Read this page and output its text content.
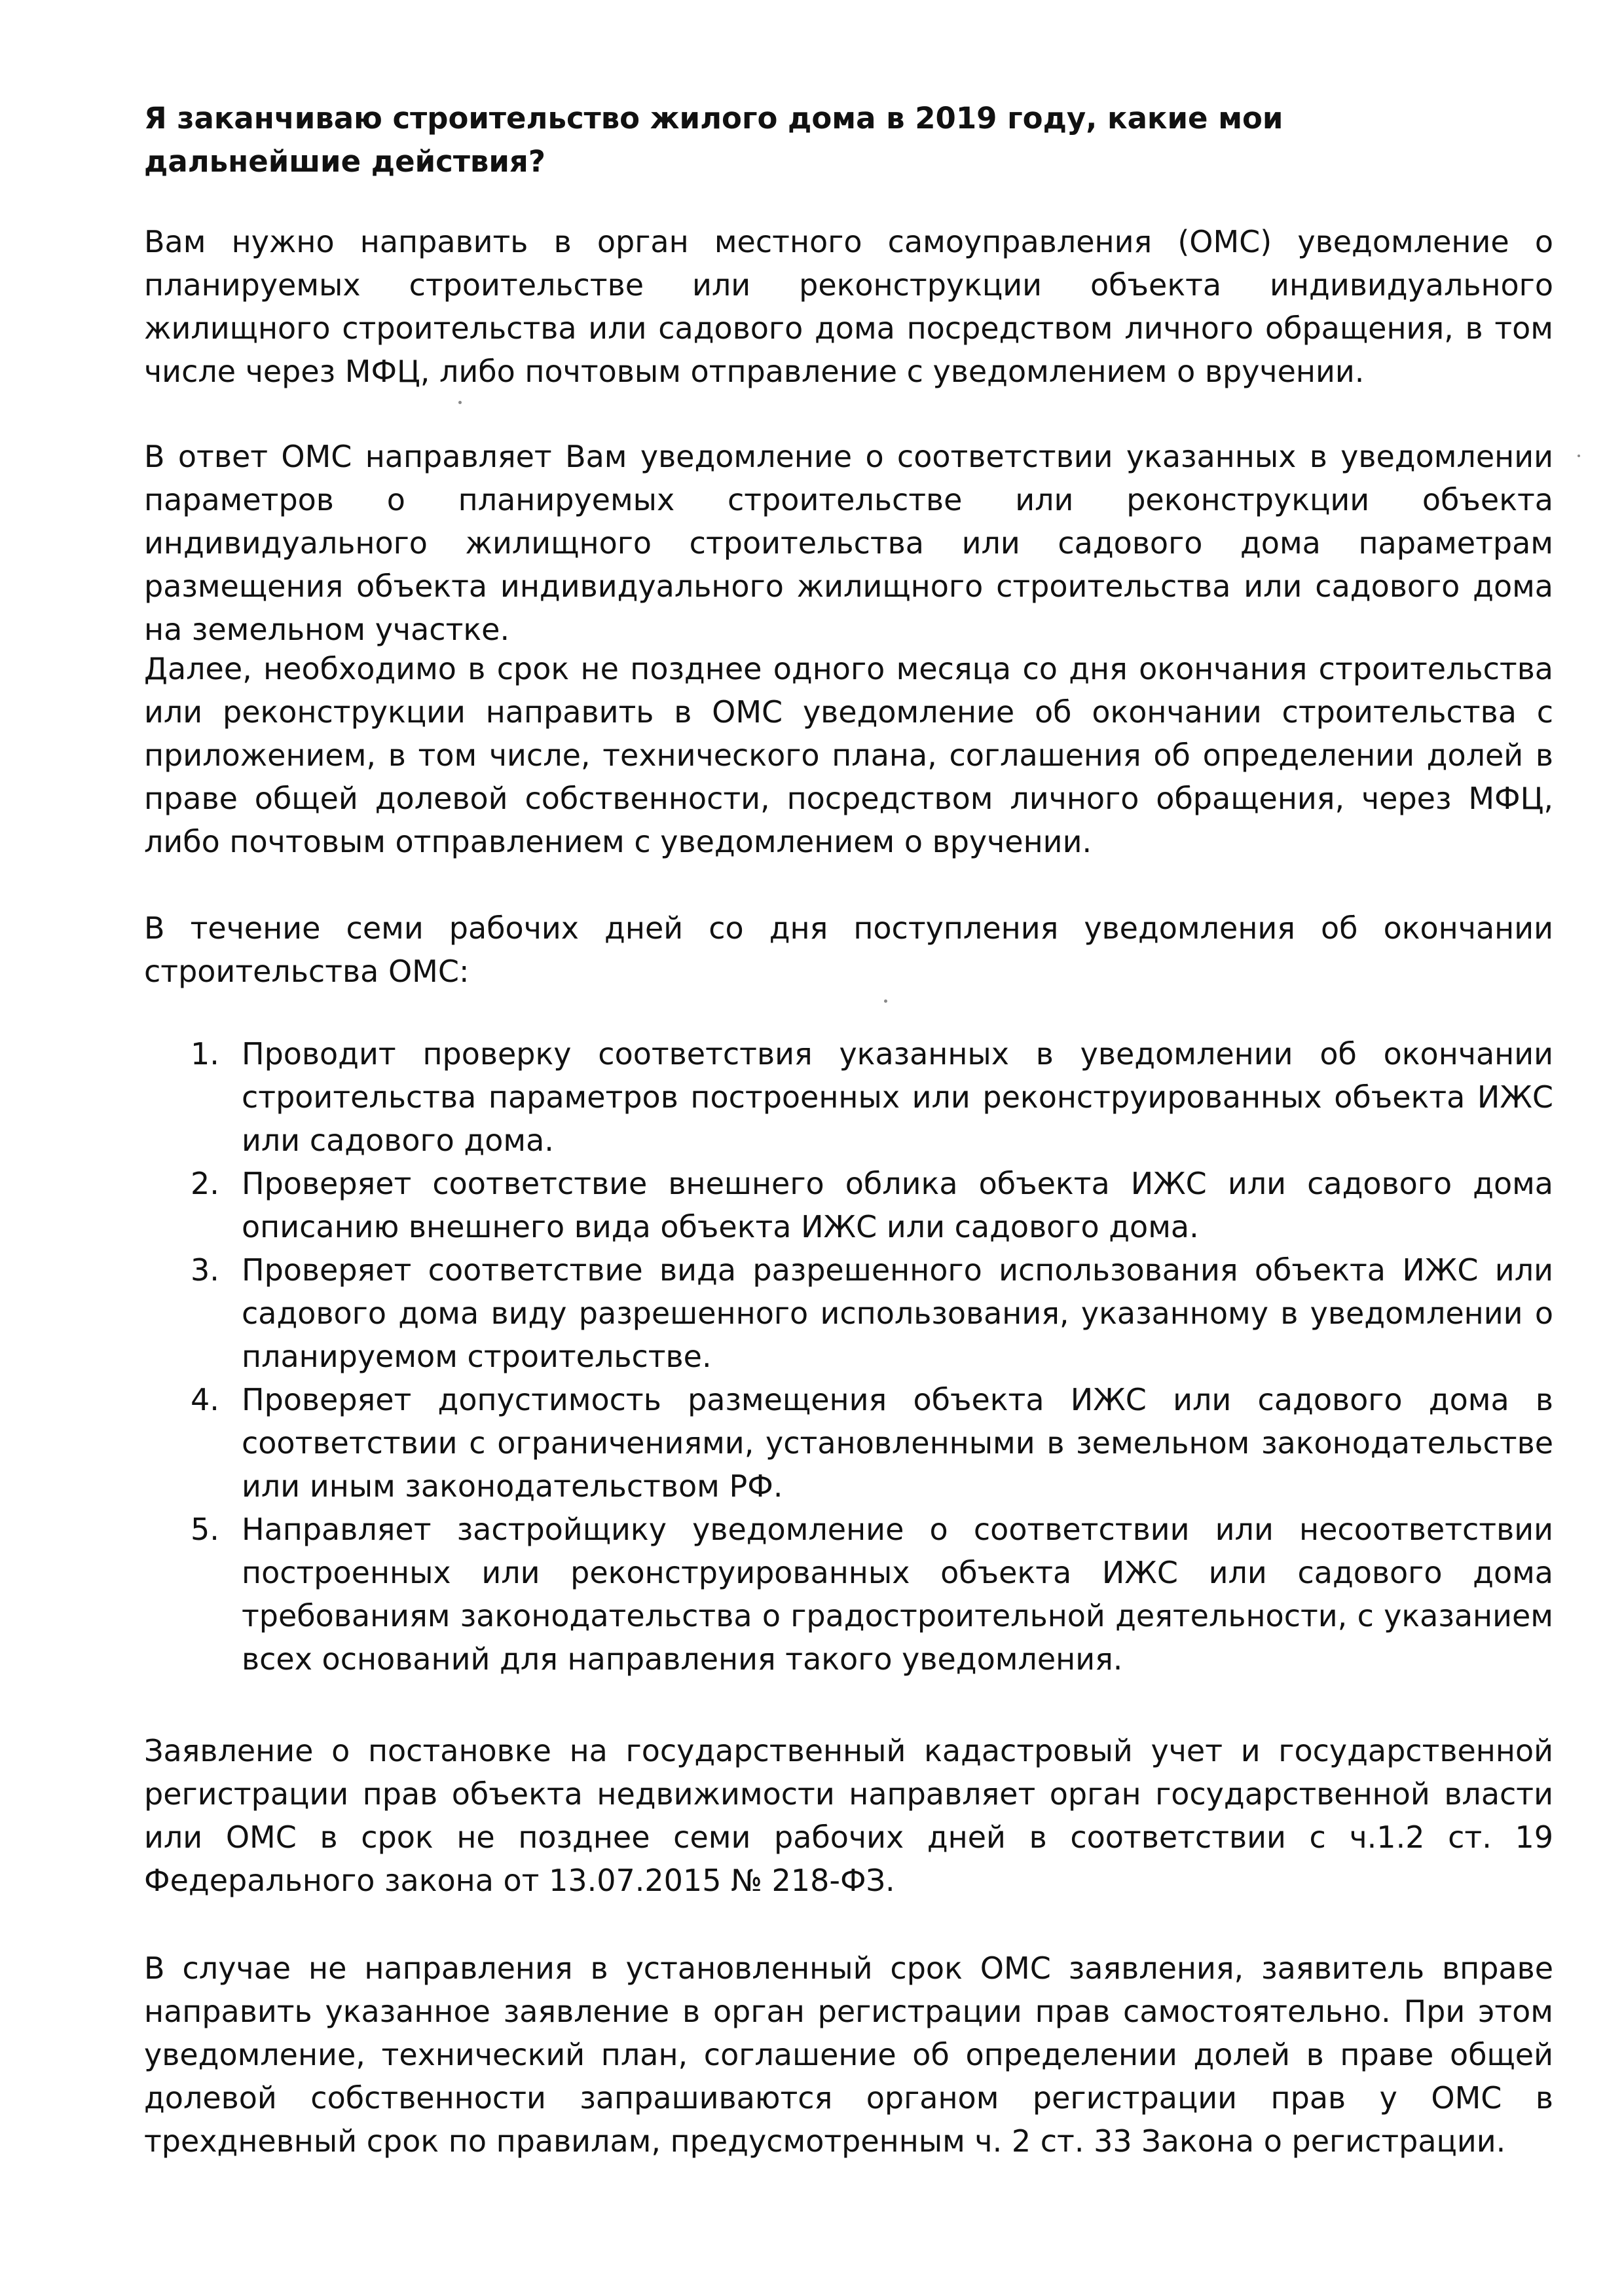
Я заканчиваю строительство жилого дома в 2019 году, какие мои дальнейшие действия?

Вам нужно направить в орган местного самоуправления (ОМС) уведомление о планируемых строительстве или реконструкции объекта индивидуального жилищного строительства или садового дома посредством личного обращения, в том числе через МФЦ, либо почтовым отправление с уведомлением о вручении.

В ответ ОМС направляет Вам уведомление о соответствии указанных в уведомлении параметров о планируемых строительстве или реконструкции объекта индивидуального жилищного строительства или садового дома параметрам размещения объекта индивидуального жилищного строительства или садового дома на земельном участке.

Далее, необходимо в срок не позднее одного месяца со дня окончания строительства или реконструкции направить в ОМС уведомление об окончании строительства с приложением, в том числе, технического плана, соглашения об определении долей в праве общей долевой собственности, посредством личного обращения, через МФЦ, либо почтовым отправлением с уведомлением о вручении.

В течение семи рабочих дней со дня поступления уведомления об окончании строительства ОМС:

1. Проводит проверку соответствия указанных в уведомлении об окончании строительства параметров построенных или реконструированных объекта ИЖС или садового дома.
2. Проверяет соответствие внешнего облика объекта ИЖС или садового дома описанию внешнего вида объекта ИЖС или садового дома.
3. Проверяет соответствие вида разрешенного использования объекта ИЖС или садового дома виду разрешенного использования, указанному в уведомлении о планируемом строительстве.
4. Проверяет допустимость размещения объекта ИЖС или садового дома в соответствии с ограничениями, установленными в земельном законодательстве или иным законодательством РФ.
5. Направляет застройщику уведомление о соответствии или несоответствии построенных или реконструированных объекта ИЖС или садового дома требованиям законодательства о градостроительной деятельности, с указанием всех оснований для направления такого уведомления.

Заявление о постановке на государственный кадастровый учет и государственной регистрации прав объекта недвижимости направляет орган государственной власти или ОМС в срок не позднее семи рабочих дней в соответствии с ч.1.2 ст. 19 Федерального закона от 13.07.2015 № 218-ФЗ.

В случае не направления в установленный срок ОМС заявления, заявитель вправе направить указанное заявление в орган регистрации прав самостоятельно. При этом уведомление, технический план, соглашение об определении долей в праве общей долевой собственности запрашиваются органом регистрации прав у ОМС в трехдневный срок по правилам, предусмотренным ч. 2 ст. 33 Закона о регистрации.
